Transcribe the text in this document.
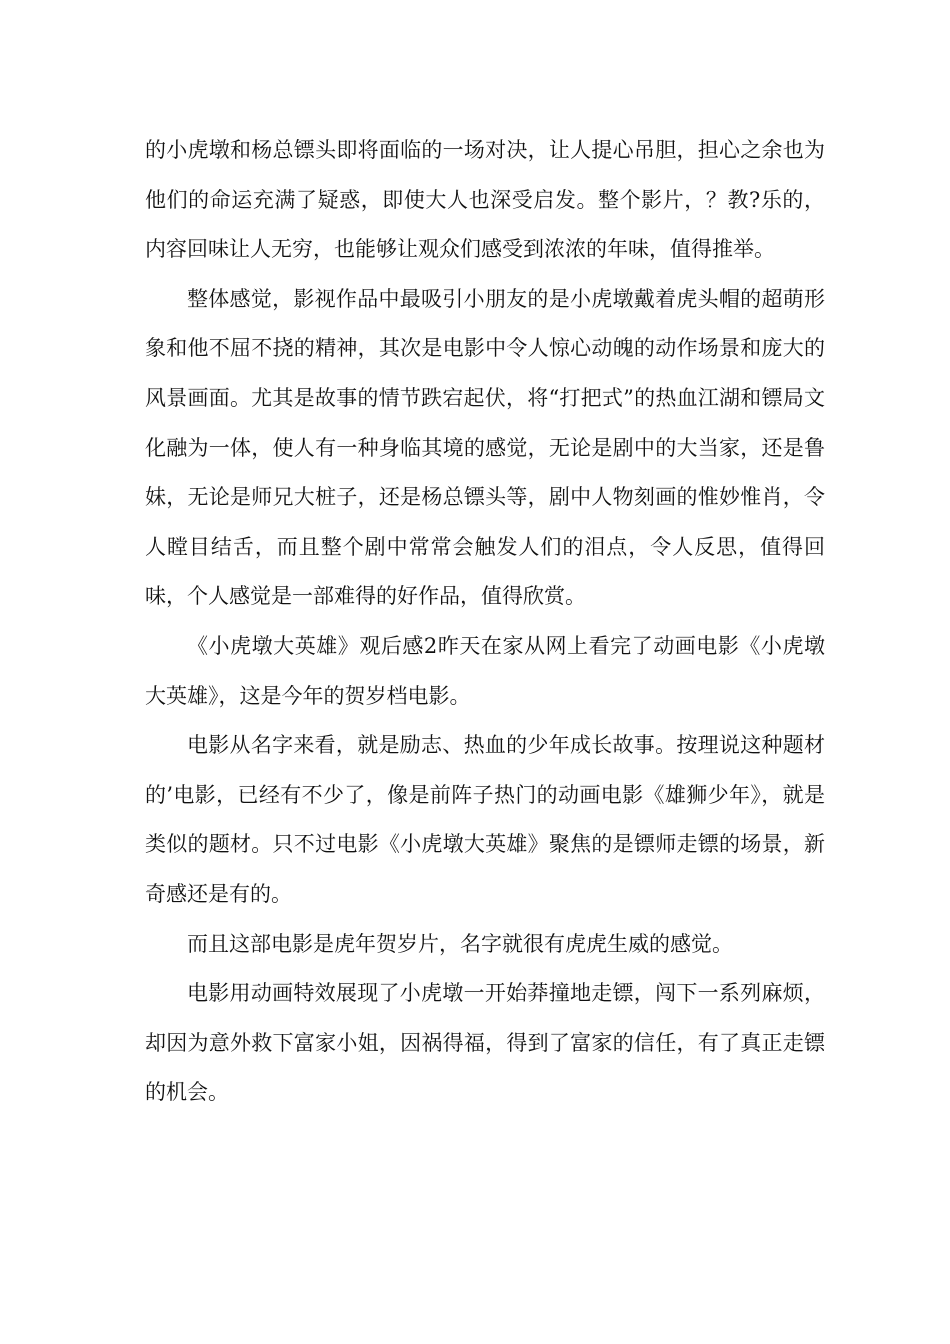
的小虎墩和杨总镖头即将面临的一场对决，让人提心吊胆，担心之余也为他们的命运充满了疑惑，即使大人也深受启发。整个影片，？教?乐的，内容回味让人无穷，也能够让观众们感受到浓浓的年味，值得推举。

整体感觉，影视作品中最吸引小朋友的是小虎墩戴着虎头帽的超萌形象和他不屈不挠的精神，其次是电影中令人惊心动魄的动作场景和庞大的风景画面。尤其是故事的情节跌宕起伏，将“打把式”的热血江湖和镖局文化融为一体，使人有一种身临其境的感觉，无论是剧中的大当家，还是鲁妹，无论是师兄大桩子，还是杨总镖头等，剧中人物刻画的惟妙惟肖，令人瞠目结舌，而且整个剧中常常会触发人们的泪点，令人反思，值得回味，个人感觉是一部难得的好作品，值得欣赏。

《小虎墩大英雄》观后感2昨天在家从网上看完了动画电影《小虎墩大英雄》，这是今年的贺岁档电影。

电影从名字来看，就是励志、热血的少年成长故事。按理说这种题材的’电影，已经有不少了，像是前阵子热门的动画电影《雄狮少年》，就是类似的题材。只不过电影《小虎墩大英雄》聚焦的是镖师走镖的场景，新奇感还是有的。

而且这部电影是虎年贺岁片，名字就很有虎虎生威的感觉。

电影用动画特效展现了小虎墩一开始莽撞地走镖，闯下一系列麻烦，却因为意外救下富家小姐，因祸得福，得到了富家的信任，有了真正走镖的机会。
